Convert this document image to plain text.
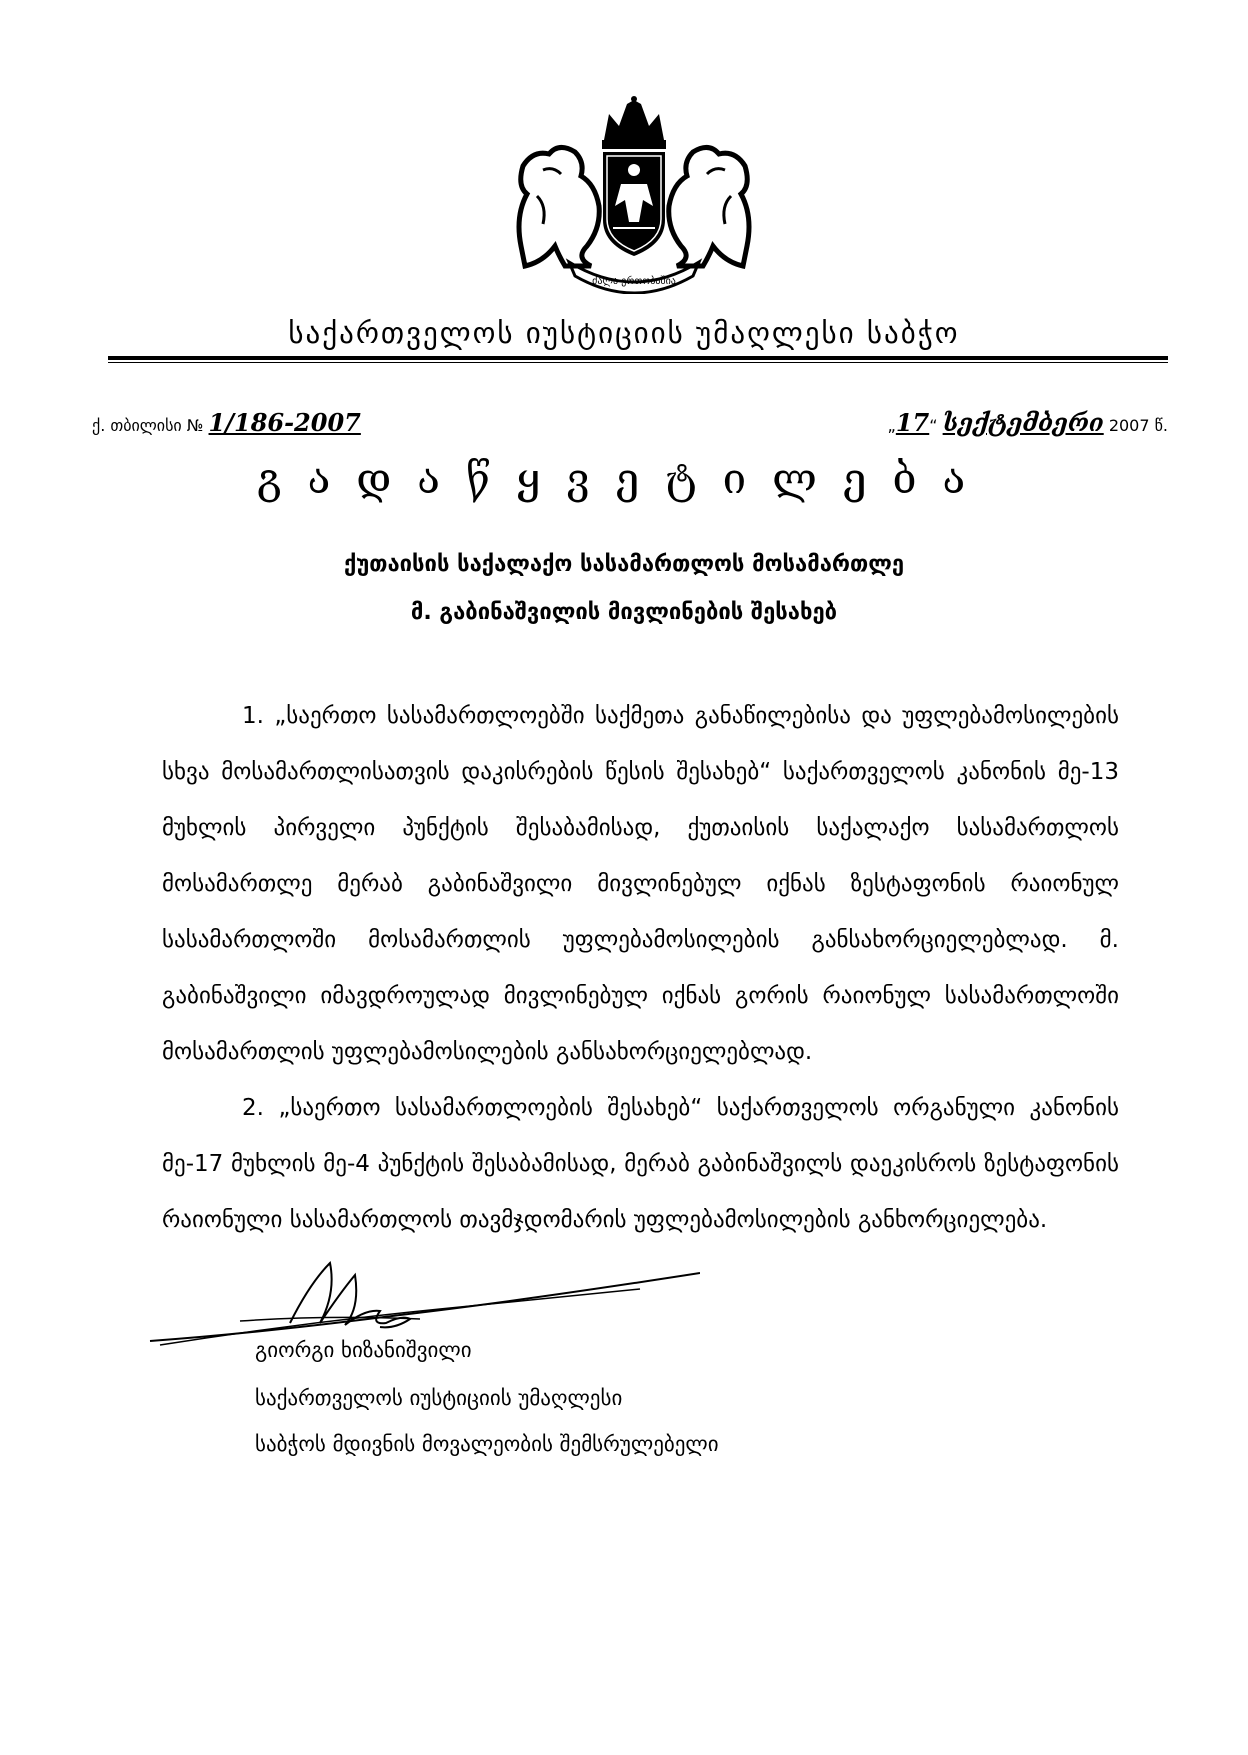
ძალა ერთობაშია
საქართველოს იუსტიციის უმაღლესი საბჭო
ქ. თბილისი № 1/186-2007	„17“ სექტემბერი 2007 წ.
გადაწყვეტილება
ქუთაისის საქალაქო სასამართლოს მოსამართლე
მ. გაბინაშვილის მივლინების შესახებ

1. „საერთო სასამართლოებში საქმეთა განაწილებისა და უფლებამოსილების სხვა მოსამართლისათვის დაკისრების წესის შესახებ“ საქართველოს კანონის მე-13 მუხლის პირველი პუნქტის შესაბამისად, ქუთაისის საქალაქო სასამართლოს მოსამართლე მერაბ გაბინაშვილი მივლინებულ იქნას ზესტაფონის რაიონულ სასამართლოში მოსამართლის უფლებამოსილების განსახორციელებლად. მ. გაბინაშვილი იმავდროულად მივლინებულ იქნას გორის რაიონულ სასამართლოში მოსამართლის უფლებამოსილების განსახორციელებლად.

2. „საერთო სასამართლოების შესახებ“ საქართველოს ორგანული კანონის მე-17 მუხლის მე-4 პუნქტის შესაბამისად, მერაბ გაბინაშვილს დაეკისროს ზესტაფონის რაიონული სასამართლოს თავმჯდომარის უფლებამოსილების განხორციელება.

გიორგი ხიზანიშვილი
საქართველოს იუსტიციის უმაღლესი
საბჭოს მდივნის მოვალეობის შემსრულებელი
